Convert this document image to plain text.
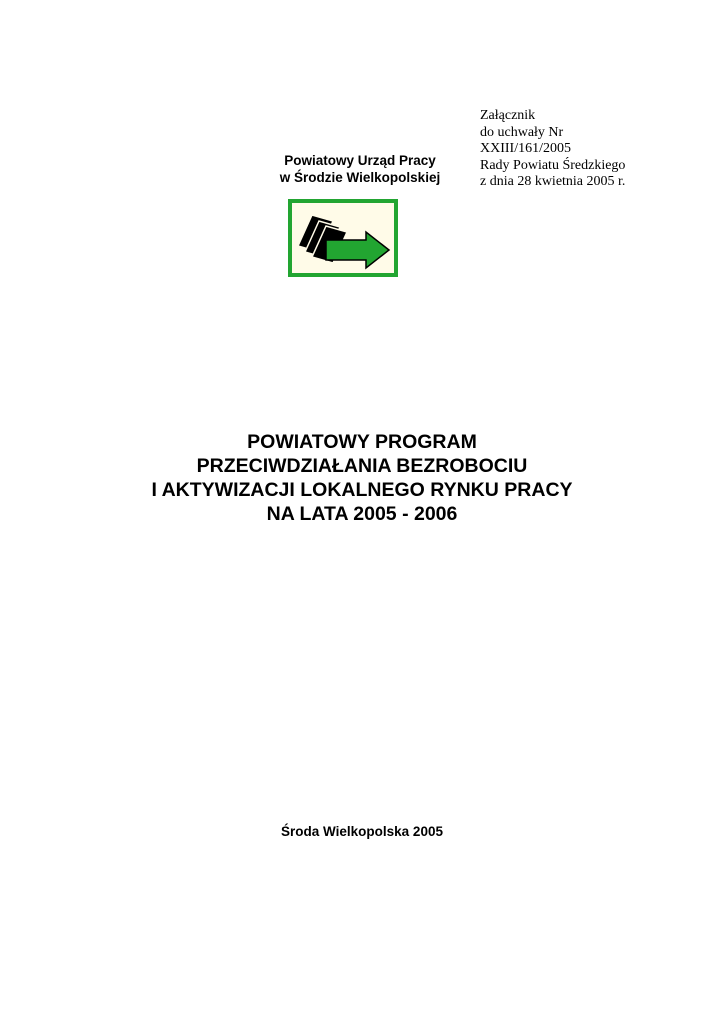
Załącznik
do uchwały Nr
XXIII/161/2005
Rady Powiatu Średzkiego
z dnia 28 kwietnia 2005 r.
Powiatowy Urząd Pracy
w Środzie Wielkopolskiej
POWIATOWY PROGRAM
PRZECIWDZIAŁANIA BEZROBOCIU
I AKTYWIZACJI LOKALNEGO RYNKU PRACY
NA LATA 2005 - 2006
Środa Wielkopolska 2005
